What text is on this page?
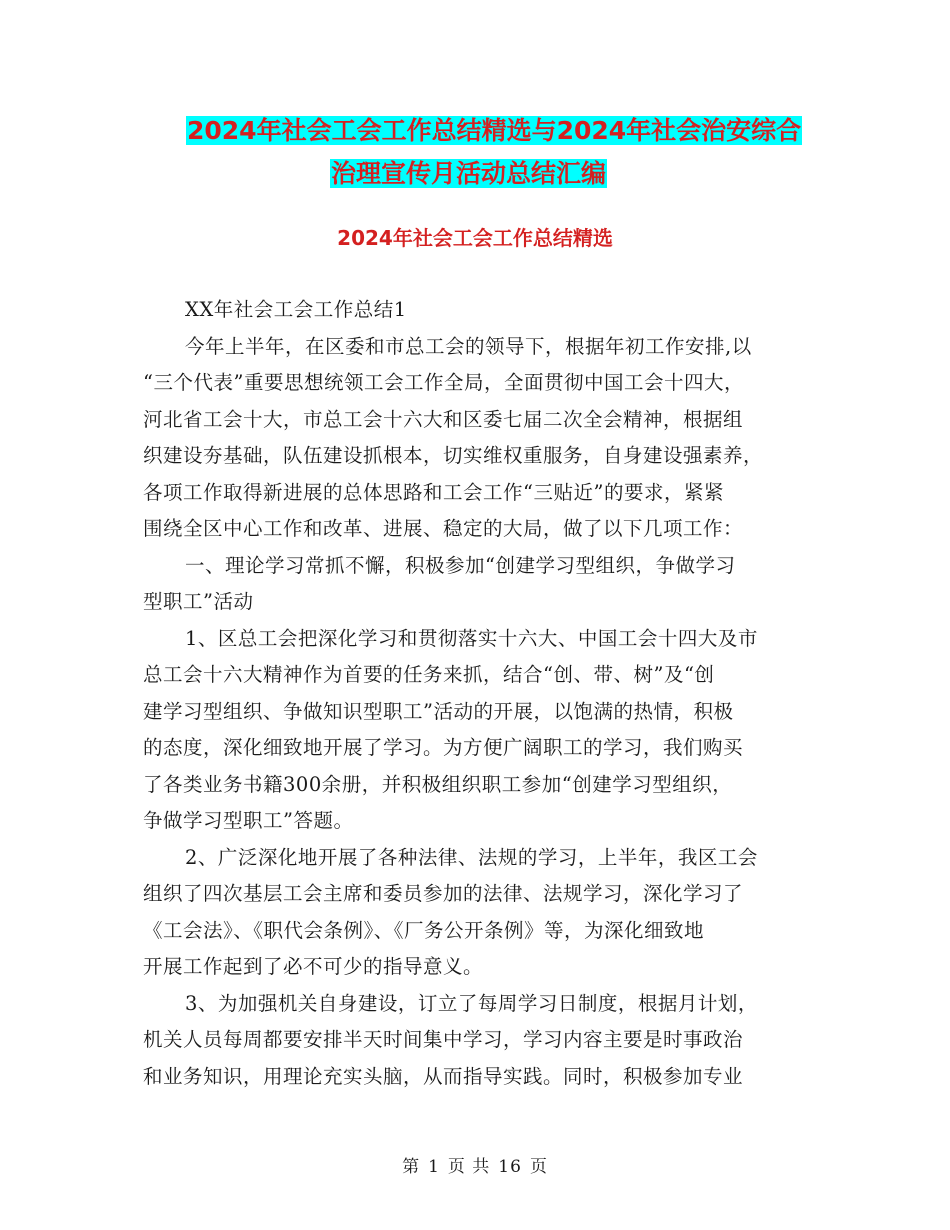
2024年社会工会工作总结精选与2024年社会治安综合
治理宣传月活动总结汇编
2024年社会工会工作总结精选

XX年社会工会工作总结1

今年上半年，在区委和市总工会的领导下，根据年初工作安排,以

“三个代表”重要思想统领工会工作全局，全面贯彻中国工会十四大，

河北省工会十大，市总工会十六大和区委七届二次全会精神，根据组

织建设夯基础，队伍建设抓根本，切实维权重服务，自身建设强素养，

各项工作取得新进展的总体思路和工会工作“三贴近”的要求，紧紧

围绕全区中心工作和改革、进展、稳定的大局，做了以下几项工作：

一、理论学习常抓不懈，积极参加“创建学习型组织，争做学习

型职工”活动

1、区总工会把深化学习和贯彻落实十六大、中国工会十四大及市

总工会十六大精神作为首要的任务来抓，结合“创、带、树”及“创

建学习型组织、争做知识型职工”活动的开展，以饱满的热情，积极

的态度，深化细致地开展了学习。为方便广阔职工的学习，我们购买

了各类业务书籍300余册，并积极组织职工参加“创建学习型组织，

争做学习型职工”答题。

2、广泛深化地开展了各种法律、法规的学习，上半年，我区工会

组织了四次基层工会主席和委员参加的法律、法规学习，深化学习了

《工会法》、《职代会条例》、《厂务公开条例》等，为深化细致地

开展工作起到了必不可少的指导意义。

3、为加强机关自身建设，订立了每周学习日制度，根据月计划，

机关人员每周都要安排半天时间集中学习，学习内容主要是时事政治

和业务知识，用理论充实头脑，从而指导实践。同时，积极参加专业

第 1 页 共 16 页
